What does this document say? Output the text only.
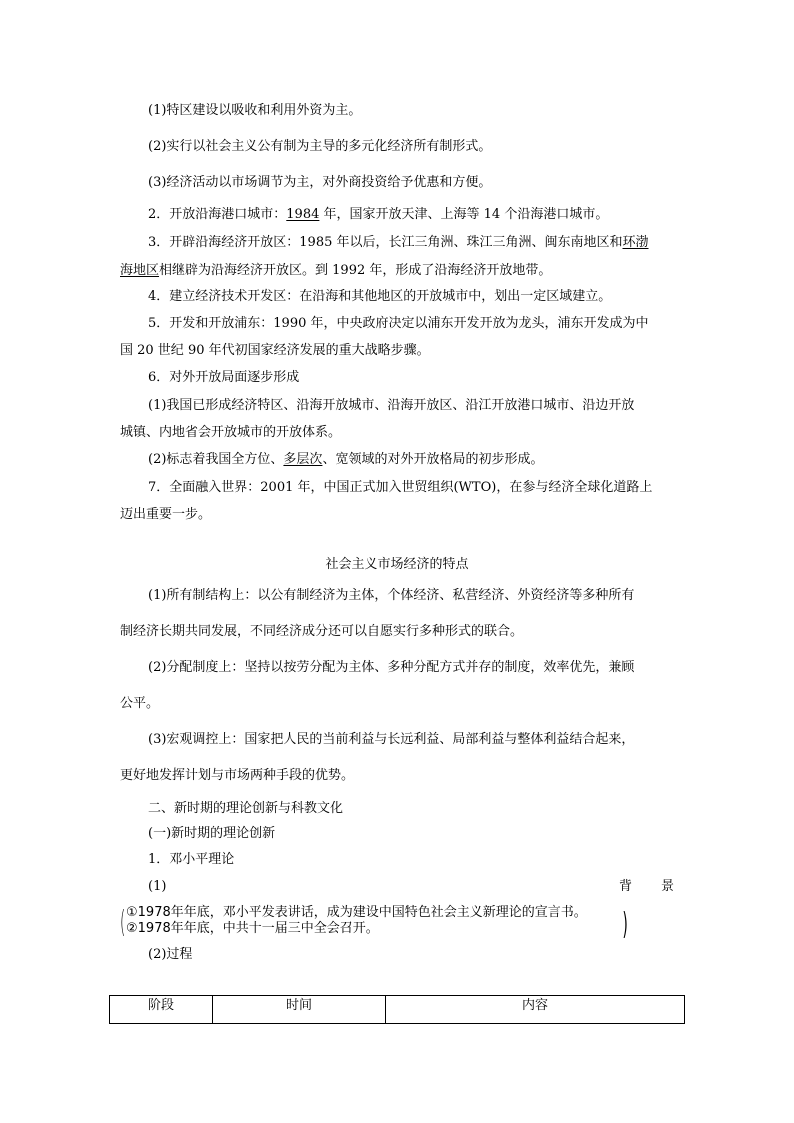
(1)特区建设以吸收和利用外资为主。
(2)实行以社会主义公有制为主导的多元化经济所有制形式。
(3)经济活动以市场调节为主，对外商投资给予优惠和方便。
2．开放沿海港口城市：1984 年，国家开放天津、上海等 14 个沿海港口城市。
3．开辟沿海经济开放区：1985 年以后，长江三角洲、珠江三角洲、闽东南地区和环渤
海地区相继辟为沿海经济开放区。到 1992 年，形成了沿海经济开放地带。
4．建立经济技术开发区：在沿海和其他地区的开放城市中，划出一定区域建立。
5．开发和开放浦东：1990 年，中央政府决定以浦东开发开放为龙头，浦东开发成为中
国 20 世纪 90 年代初国家经济发展的重大战略步骤。
6．对外开放局面逐步形成
(1)我国已形成经济特区、沿海开放城市、沿海开放区、沿江开放港口城市、沿边开放
城镇、内地省会开放城市的开放体系。
(2)标志着我国全方位、多层次、宽领域的对外开放格局的初步形成。
7．全面融入世界：2001 年，中国正式加入世贸组织(WTO)，在参与经济全球化道路上
迈出重要一步。
社会主义市场经济的特点
(1)所有制结构上：以公有制经济为主体，个体经济、私营经济、外资经济等多种所有
制经济长期共同发展，不同经济成分还可以自愿实行多种形式的联合。
(2)分配制度上：坚持以按劳分配为主体、多种分配方式并存的制度，效率优先，兼顾
公平。
(3)宏观调控上：国家把人民的当前利益与长远利益、局部利益与整体利益结合起来，
更好地发挥计划与市场两种手段的优势。
二、新时期的理论创新与科教文化
(一)新时期的理论创新
1．邓小平理论
(1)	背 景
( ①1978年年底，邓小平发表讲话，成为建设中国特色社会主义新理论的宣言书。
②1978年年底，中共十一届三中全会召开。	)
(2)过程
阶段	时间	内容
